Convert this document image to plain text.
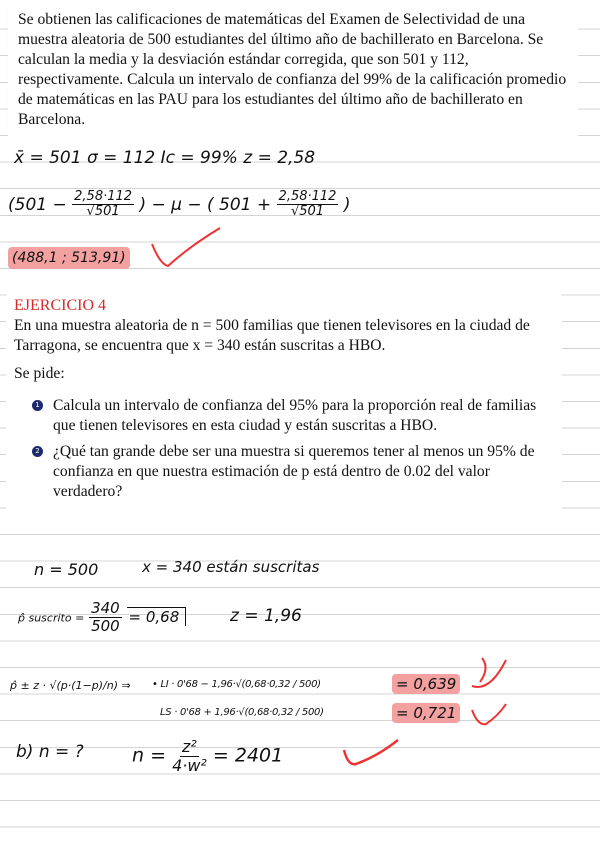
Se obtienen las calificaciones de matemáticas del Examen de Selectividad de una muestra aleatoria de 500 estudiantes del último año de bachillerato en Barcelona. Se calculan la media y la desviación estándar corregida, que son 501 y 112, respectivamente. Calcula un intervalo de confianza del 99% de la calificación promedio de matemáticas en las PAU para los estudiantes del último año de bachillerato en Barcelona.

x̄ = 501 σ = 112 Ic = 99% z = 2,58
($501 - \frac{2,58\cdot 112}{√501}$ ) − μ − ( $501 + \frac{2,58\cdot 112}{√501}$ )
(488,1 ; 513,91)
EJERCICIO 4

En una muestra aleatoria de n = 500 familias que tienen televisores en la ciudad de Tarragona, se encuentra que x = 340 están suscritas a HBO.

Se pide:

1 Calcula un intervalo de confianza del 95% para la proporción real de familias que tienen televisores en esta ciudad y están suscritas a HBO.
2 ¿Qué tan grande debe ser una muestra si queremos tener al menos un 95% de confianza en que nuestra estimación de p está dentro de 0.02 del valor verdadero?
n = 500	x = 340 están suscritas
p̂ suscrito = $\frac{340}{500} = 0,68$	z = 1,96
p̂ ± z · √(p·(1−p)/n) ⇒ • LI · 0'68 − 1,96·√(0,68·0,32 / 500)	= 0,639
LS · 0'68 + 1,96·√(0,68·0,32 / 500)	= 0,721
b) n = ?	$n = \frac{\text{z²}}{\text{4·w²}} = 2401$
